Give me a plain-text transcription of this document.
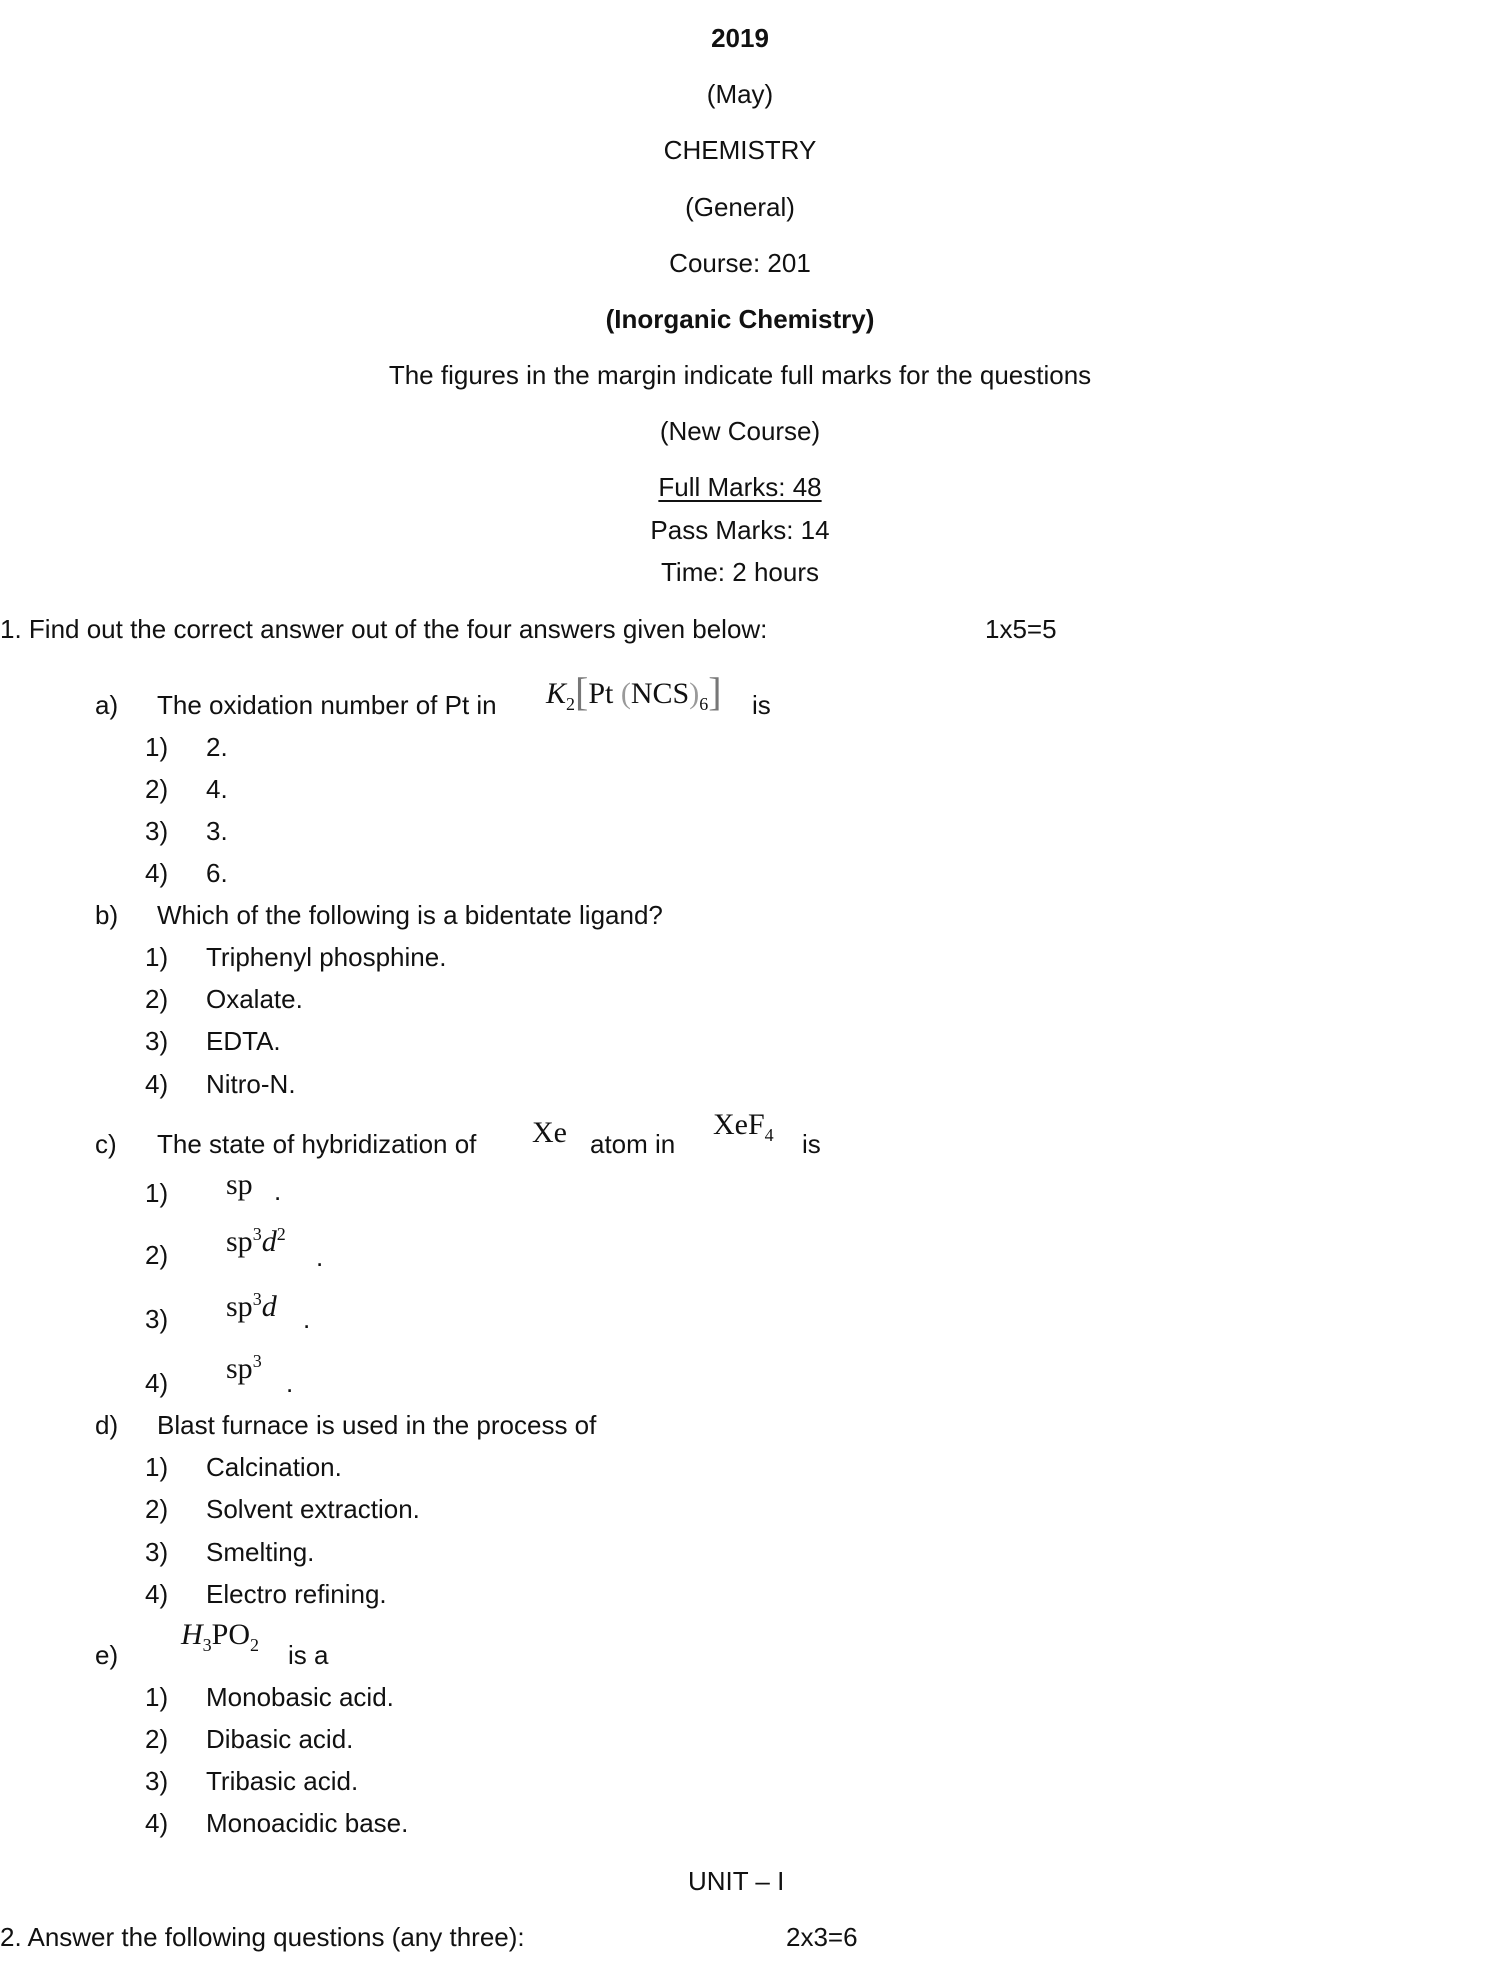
2019
(May)
CHEMISTRY
(General)
Course: 201
(Inorganic Chemistry)
The figures in the margin indicate full marks for the questions
(New Course)
Full Marks: 48
Pass Marks: 14
Time: 2 hours
1. Find out the correct answer out of the four answers given below:	1x5=5
a) The oxidation number of Pt in $K_2[Pt$ $(NCS)_6$] is
1) 2.
2) 4.
3) 3.
4) 6.
b) Which of the following is a bidentate ligand?
1) Triphenyl phosphine.
2) Oxalate.
3) EDTA.
4) Nitro-N.
c) The state of hybridization of Xe atom in
XeF$_4$ is
1) sp .
2) $sp^3d^2$
.
3) $sp^3d$ .
4) $sp^3$
.
d) Blast furnace is used in the process of
1) Calcination.
2) Solvent extraction.
3) Smelting.
4) Electro refining.
e)
$H_3PO_2$ is a
1) Monobasic acid.
2) Dibasic acid.
3) Tribasic acid.
4) Monoacidic base.
UNIT – I
2. Answer the following questions (any three):	2x3=6
